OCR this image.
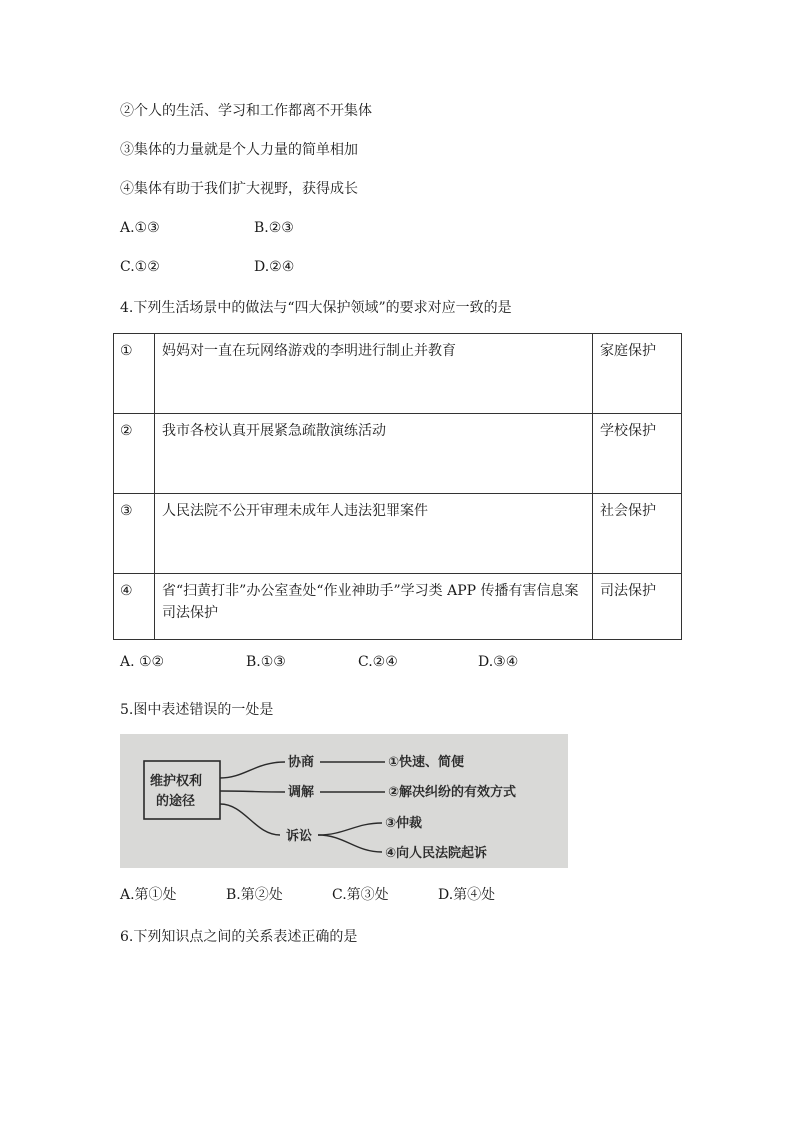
②个人的生活、学习和工作都离不开集体
③集体的力量就是个人力量的简单相加
④集体有助于我们扩大视野，获得成长
A.①③	B.②③
C.①②	D.②④
4.下列生活场景中的做法与“四大保护领域”的要求对应一致的是
①	妈妈对一直在玩网络游戏的李明进行制止并教育	家庭保护
②	我市各校认真开展紧急疏散演练活动	学校保护
③	人民法院不公开审理未成年人违法犯罪案件	社会保护
④	省“扫黄打非”办公室查处“作业神助手”学习类 APP 传播有害信息案司法保护	司法保护
A. ①②	B.①③	C.②④	D.③④
5.图中表述错误的一处是
维护权利
的途径
协商
调解
诉讼
①快速、简便
②解决纠纷的有效方式
③仲裁
④向人民法院起诉
A.第①处	B.第②处	C.第③处	D.第④处
6.下列知识点之间的关系表述正确的是
